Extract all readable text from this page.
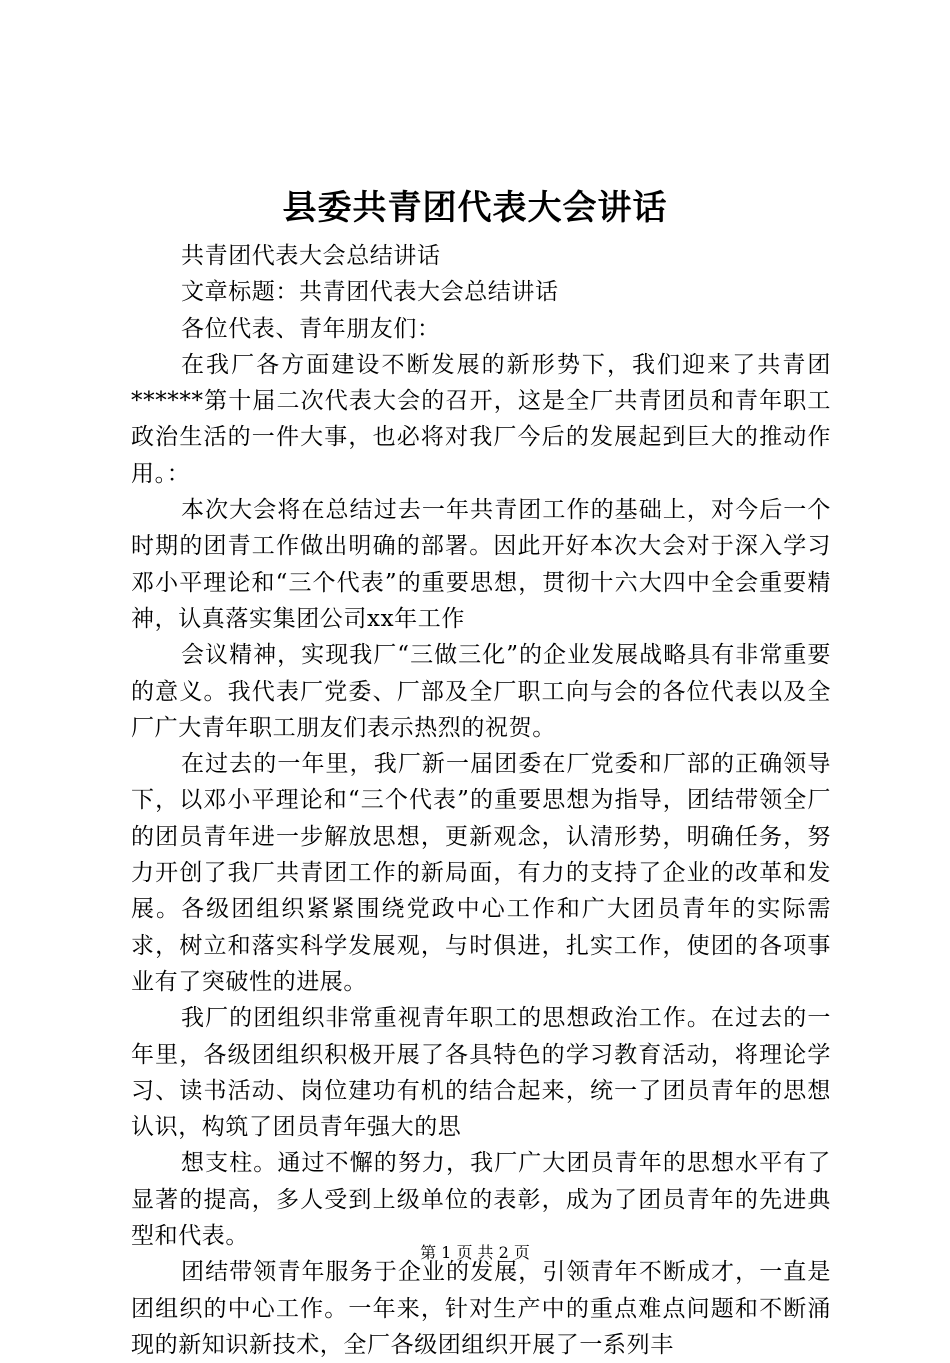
县委共青团代表大会讲话

共青团代表大会总结讲话

文章标题：共青团代表大会总结讲话

各位代表、青年朋友们：

在我厂各方面建设不断发展的新形势下，我们迎来了共青团******第十届二次代表大会的召开，这是全厂共青团员和青年职工政治生活的一件大事，也必将对我厂今后的发展起到巨大的推动作用。：

本次大会将在总结过去一年共青团工作的基础上，对今后一个时期的团青工作做出明确的部署。因此开好本次大会对于深入学习邓小平理论和“三个代表”的重要思想，贯彻十六大四中全会重要精神，认真落实集团公司xx年工作

会议精神，实现我厂“三做三化”的企业发展战略具有非常重要的意义。我代表厂党委、厂部及全厂职工向与会的各位代表以及全厂广大青年职工朋友们表示热烈的祝贺。

在过去的一年里，我厂新一届团委在厂党委和厂部的正确领导下，以邓小平理论和“三个代表”的重要思想为指导，团结带领全厂的团员青年进一步解放思想，更新观念，认清形势，明确任务，努力开创了我厂共青团工作的新局面，有力的支持了企业的改革和发展。各级团组织紧紧围绕党政中心工作和广大团员青年的实际需求，树立和落实科学发展观，与时俱进，扎实工作，使团的各项事业有了突破性的进展。

我厂的团组织非常重视青年职工的思想政治工作。在过去的一年里，各级团组织积极开展了各具特色的学习教育活动，将理论学习、读书活动、岗位建功有机的结合起来，统一了团员青年的思想认识，构筑了团员青年强大的思

想支柱。通过不懈的努力，我厂广大团员青年的思想水平有了显著的提高，多人受到上级单位的表彰，成为了团员青年的先进典型和代表。

团结带领青年服务于企业的发展，引领青年不断成才，一直是团组织的中心工作。一年来，针对生产中的重点难点问题和不断涌现的新知识新技术，全厂各级团组织开展了一系列丰

第 1 页 共 2 页
